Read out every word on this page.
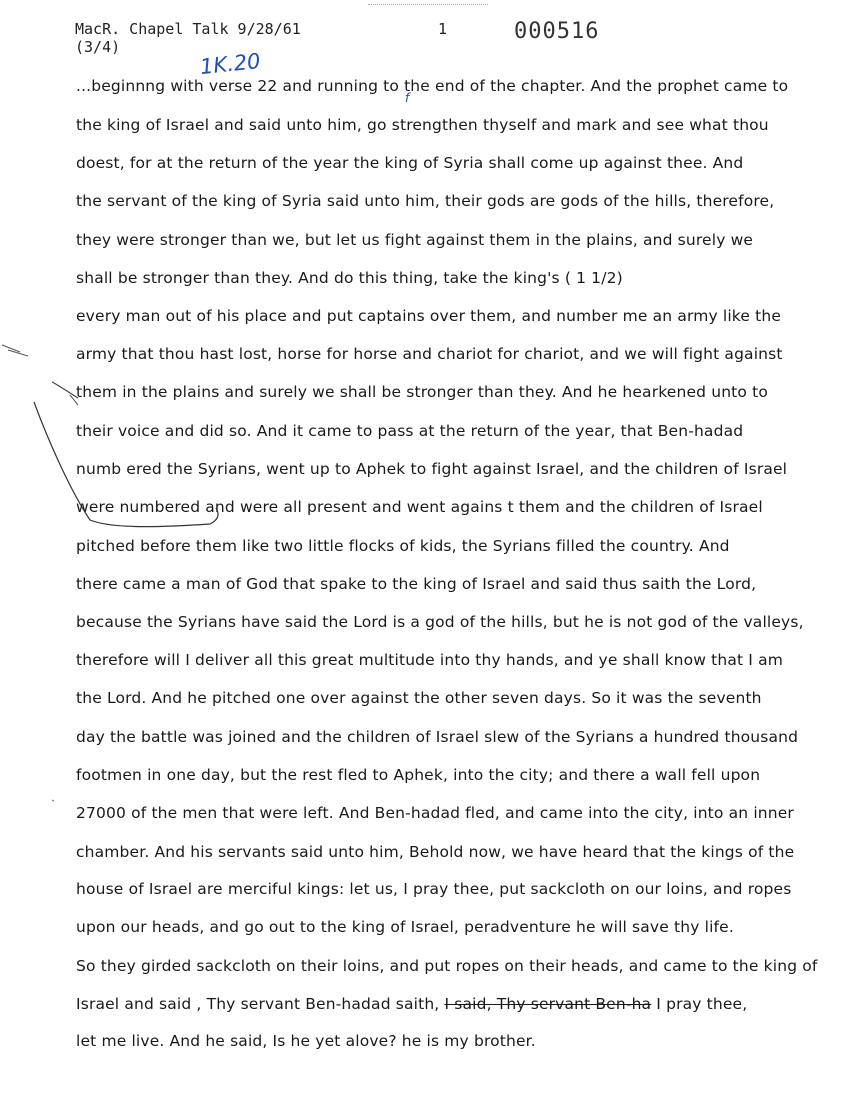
MacR. Chapel Talk 9/28/61
(3/4)
1	000516
1K.20
f
...beginnng with verse 22 and running to the end of the chapter. And the prophet came to
the king of Israel and said unto him, go strengthen thyself and mark and see what thou
doest, for at the return of the year the king of Syria shall come up against thee. And
the servant of the king of Syria said unto him, their gods are gods of the hills, therefore,
they were stronger than we, but let us fight against them in the plains, and surely we
shall be stronger than they. And do this thing, take the king's ( 1 1/2)
every man out of his place and put captains over them, and number me an army like the
army that thou hast lost, horse for horse and chariot for chariot, and we will fight against
them in the plains and surely we shall be stronger than they. And he hearkened unto to
their voice and did so. And it came to pass at the return of the year, that Ben-hadad
numb ered the Syrians, went up to Aphek to fight against Israel, and the children of Israel
were numbered and were all present and went agains t them and the children of Israel
pitched before them like two little flocks of kids, the Syrians filled the country. And
there came a man of God that spake to the king of Israel and said thus saith the Lord,
because the Syrians have said the Lord is a god of the hills, but he is not god of the valleys,
therefore will I deliver all this great multitude into thy hands, and ye shall know that I am
the Lord. And he pitched one over against the other seven days. So it was the seventh
day the battle was joined and the children of Israel slew of the Syrians a hundred thousand
footmen in one day, but the rest fled to Aphek, into the city; and there a wall fell upon
27000 of the men that were left. And Ben-hadad fled, and came into the city, into an inner
chamber. And his servants said unto him, Behold now, we have heard that the kings of the
house of Israel are merciful kings: let us, I pray thee, put sackcloth on our loins, and ropes
upon our heads, and go out to the king of Israel, peradventure he will save thy life.
So they girded sackcloth on their loins, and put ropes on their heads, and came to the king of
Israel and said , Thy servant Ben-hadad saith, I said, Thy servant Ben-ha I pray thee,
let me live. And he said, Is he yet alove? he is my brother.
